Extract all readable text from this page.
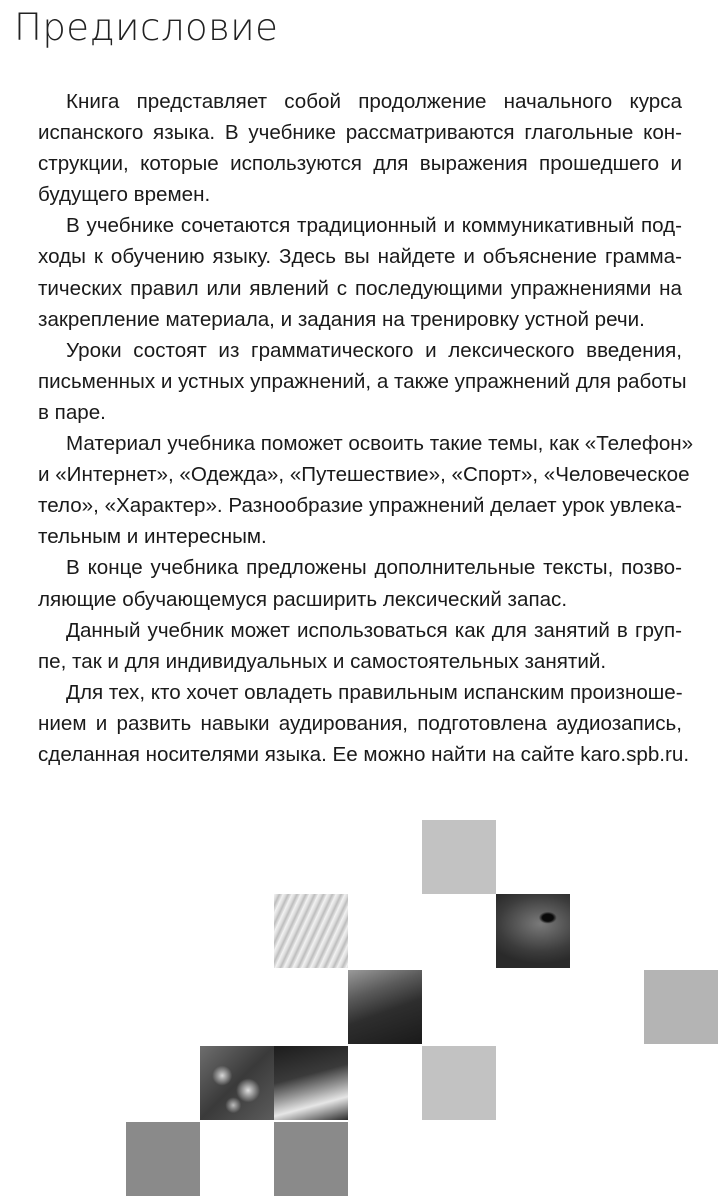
Предисловие
Книга представляет собой продолжение начального курса
испанского языка. В учебнике рассматриваются глагольные кон-
струкции, которые используются для выражения прошедшего и
будущего времен.
В учебнике сочетаются традиционный и коммуникативный под-
ходы к обучению языку. Здесь вы найдете и объяснение грамма-
тических правил или явлений с последующими упражнениями на
закрепление материала, и задания на тренировку устной речи.
Уроки состоят из грамматического и лексического введения,
письменных и устных упражнений, а также упражнений для работы
в паре.
Материал учебника поможет освоить такие темы, как «Телефон»
и «Интернет», «Одежда», «Путешествие», «Спорт», «Человеческое
тело», «Характер». Разнообразие упражнений делает урок увлека-
тельным и интересным.
В конце учебника предложены дополнительные тексты, позво-
ляющие обучающемуся расширить лексический запас.
Данный учебник может использоваться как для занятий в груп-
пе, так и для индивидуальных и самостоятельных занятий.
Для тех, кто хочет овладеть правильным испанским произноше-
нием и развить навыки аудирования, подготовлена аудиозапись,
сделанная носителями языка. Ее можно найти на сайте karo.spb.ru.
